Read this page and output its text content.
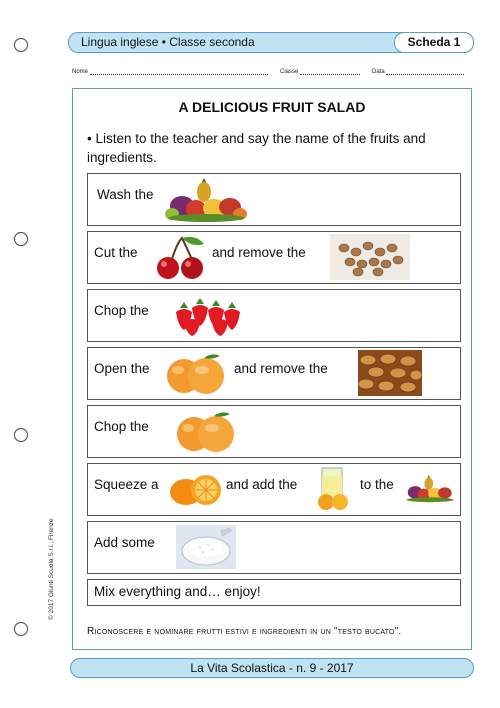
Lingua inglese • Classe seconda	Scheda 1
Nome	Classe	Data
© 2017 Giunti Scuola S.r.l., Firenze
A DELICIOUS FRUIT SALAD
• Listen to the teacher and say the name of the fruits and ingredients.
Wash the
Cut the	and remove the
Chop the
Open the	and remove the
Chop the
Squeeze a	and add the	to the
Add some
Mix everything and… enjoy!
Riconoscere e nominare frutti estivi e ingredienti in un "testo bucato".
La Vita Scolastica - n. 9 - 2017
